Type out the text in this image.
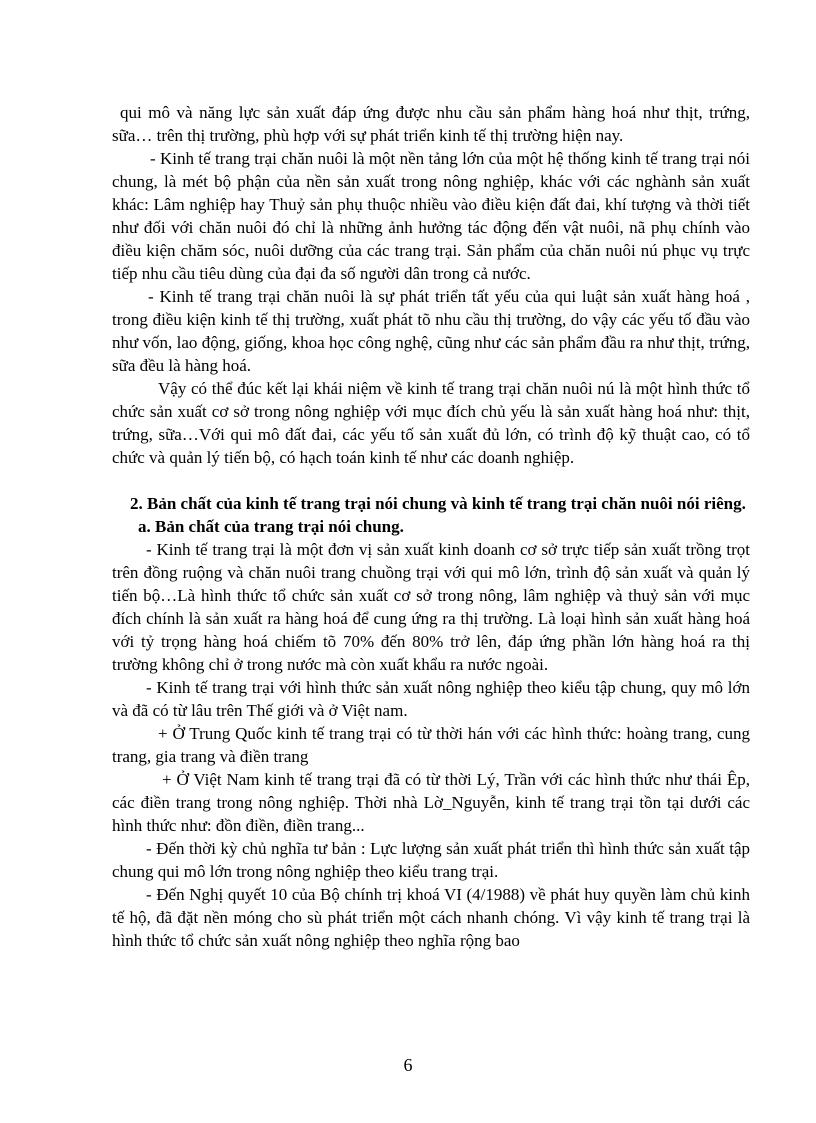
qui mô và năng lực sản xuất đáp ứng được nhu cầu sản phẩm hàng hoá như thịt, trứng, sữa… trên thị trường, phù hợp với sự phát triển kinh tế thị trường hiện nay.

- Kinh tế trang trại chăn nuôi là một nền tảng lớn của một hệ thống kinh tế trang trại nói chung, là mét bộ phận của nền sản xuất trong nông nghiệp, khác với các nghành sản xuất khác: Lâm nghiệp hay Thuỷ sản phụ thuộc nhiều vào điều kiện đất đai, khí tượng và thời tiết như đối với chăn nuôi đó chỉ là những ảnh hưởng tác động đến vật nuôi, nã phụ chính vào điều kiện chăm sóc, nuôi dưỡng của các trang trại. Sản phẩm của chăn nuôi nú phục vụ trực tiếp nhu cầu tiêu dùng của đại đa số người dân trong cả nước.

- Kinh tế trang trại chăn nuôi là sự phát triển tất yếu của qui luật sản xuất hàng hoá , trong điều kiện kinh tế thị trường, xuất phát tõ nhu cầu thị trường, do vậy các yếu tố đầu vào như vốn, lao động, giống, khoa học công nghệ, cũng như các sản phẩm đầu ra như thịt, trứng, sữa đều là hàng hoá.

Vậy có thể đúc kết lại khái niệm về kinh tế trang trại chăn nuôi nú là một hình thức tổ chức sản xuất cơ sở trong nông nghiệp với mục đích chủ yếu là sản xuất hàng hoá như: thịt, trứng, sữa…Với qui mô đất đai, các yếu tố sản xuất đủ lớn, có trình độ kỹ thuật cao, có tổ chức và quản lý tiến bộ, có hạch toán kinh tế như các doanh nghiệp.

2. Bản chất của kinh tế trang trại nói chung và kinh tế trang trại chăn nuôi nói riêng.

a. Bản chất của trang trại nói chung.

- Kinh tế trang trại là một đơn vị sản xuất kinh doanh cơ sở trực tiếp sản xuất trồng trọt trên đồng ruộng và chăn nuôi trang chuồng trại với qui mô lớn, trình độ sản xuất và quản lý tiến bộ…Là hình thức tổ chức sản xuất cơ sở trong nông, lâm nghiệp và thuỷ sản với mục đích chính là sản xuất ra hàng hoá để cung ứng ra thị trường. Là loại hình sản xuất hàng hoá với tỷ trọng hàng hoá chiếm tõ 70% đến 80% trở lên, đáp ứng phần lớn hàng hoá ra thị trường không chỉ ở trong nước mà còn xuất khẩu ra nước ngoài.

- Kinh tế trang trại với hình thức sản xuất nông nghiệp theo kiểu tập chung, quy mô lớn và đã có từ lâu trên Thế giới và ở Việt nam.

+ Ở Trung Quốc kinh tế trang trại có từ thời hán với các hình thức: hoàng trang, cung trang, gia trang và điền trang

+ Ở Việt Nam kinh tế trang trại đã có từ thời Lý, Trần với các hình thức như thái Êp, các điền trang trong nông nghiệp. Thời nhà Lờ_Nguyễn, kinh tế trang trại tồn tại dưới các hình thức như: đồn điền, điền trang...

- Đến thời kỳ chủ nghĩa tư bản : Lực lượng sản xuất phát triển thì hình thức sản xuất tập chung qui mô lớn trong nông nghiệp theo kiểu trang trại.

- Đến Nghị quyết 10 của Bộ chính trị khoá VI (4/1988) về phát huy quyền làm chủ kinh tế hộ, đã đặt nền móng cho sù phát triển một cách nhanh chóng. Vì vậy kinh tế trang trại là hình thức tổ chức sản xuất nông nghiệp theo nghĩa rộng bao

6
